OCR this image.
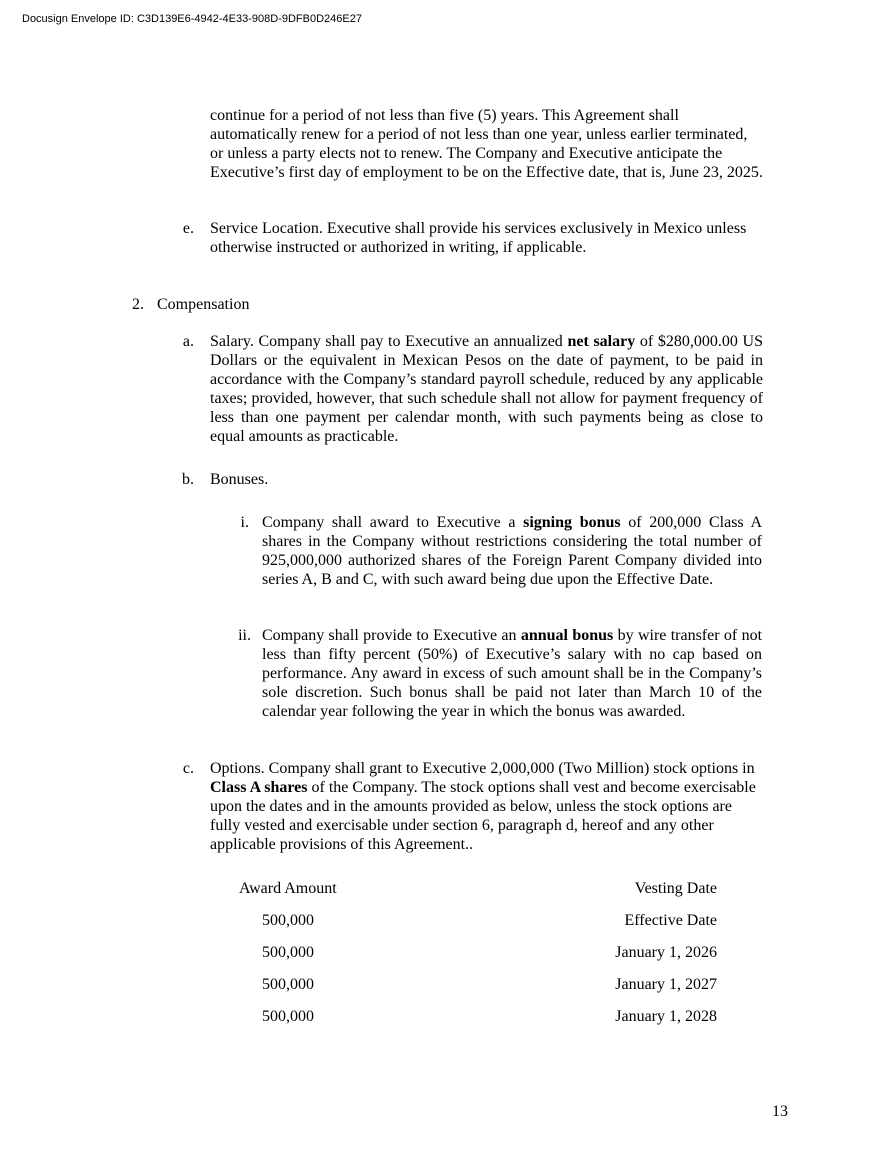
Docusign Envelope ID: C3D139E6-4942-4E33-908D-9DFB0D246E27

continue for a period of not less than five (5) years. This Agreement shall automatically renew for a period of not less than one year, unless earlier terminated, or unless a party elects not to renew. The Company and Executive anticipate the Executive’s first day of employment to be on the Effective date, that is, June 23, 2025.

e. Service Location. Executive shall provide his services exclusively in Mexico unless otherwise instructed or authorized in writing, if applicable.

2. Compensation
a. Salary. Company shall pay to Executive an annualized net salary of $280,000.00 US Dollars or the equivalent in Mexican Pesos on the date of payment, to be paid in accordance with the Company’s standard payroll schedule, reduced by any applicable taxes; provided, however, that such schedule shall not allow for payment frequency of less than one payment per calendar month, with such payments being as close to equal amounts as practicable.

b. Bonuses.
i. Company shall award to Executive a signing bonus of 200,000 Class A shares in the Company without restrictions considering the total number of 925,000,000 authorized shares of the Foreign Parent Company divided into series A, B and C, with such award being due upon the Effective Date.

ii. Company shall provide to Executive an annual bonus by wire transfer of not less than fifty percent (50%) of Executive’s salary with no cap based on performance. Any award in excess of such amount shall be in the Company’s sole discretion. Such bonus shall be paid not later than March 10 of the calendar year following the year in which the bonus was awarded.

c. Options. Company shall grant to Executive 2,000,000 (Two Million) stock options in Class A shares of the Company. The stock options shall vest and become exercisable upon the dates and in the amounts provided as below, unless the stock options are fully vested and exercisable under section 6, paragraph d, hereof and any other applicable provisions of this Agreement..

Award Amount	Vesting Date
500,000	Effective Date
500,000	January 1, 2026
500,000	January 1, 2027
500,000	January 1, 2028
13
